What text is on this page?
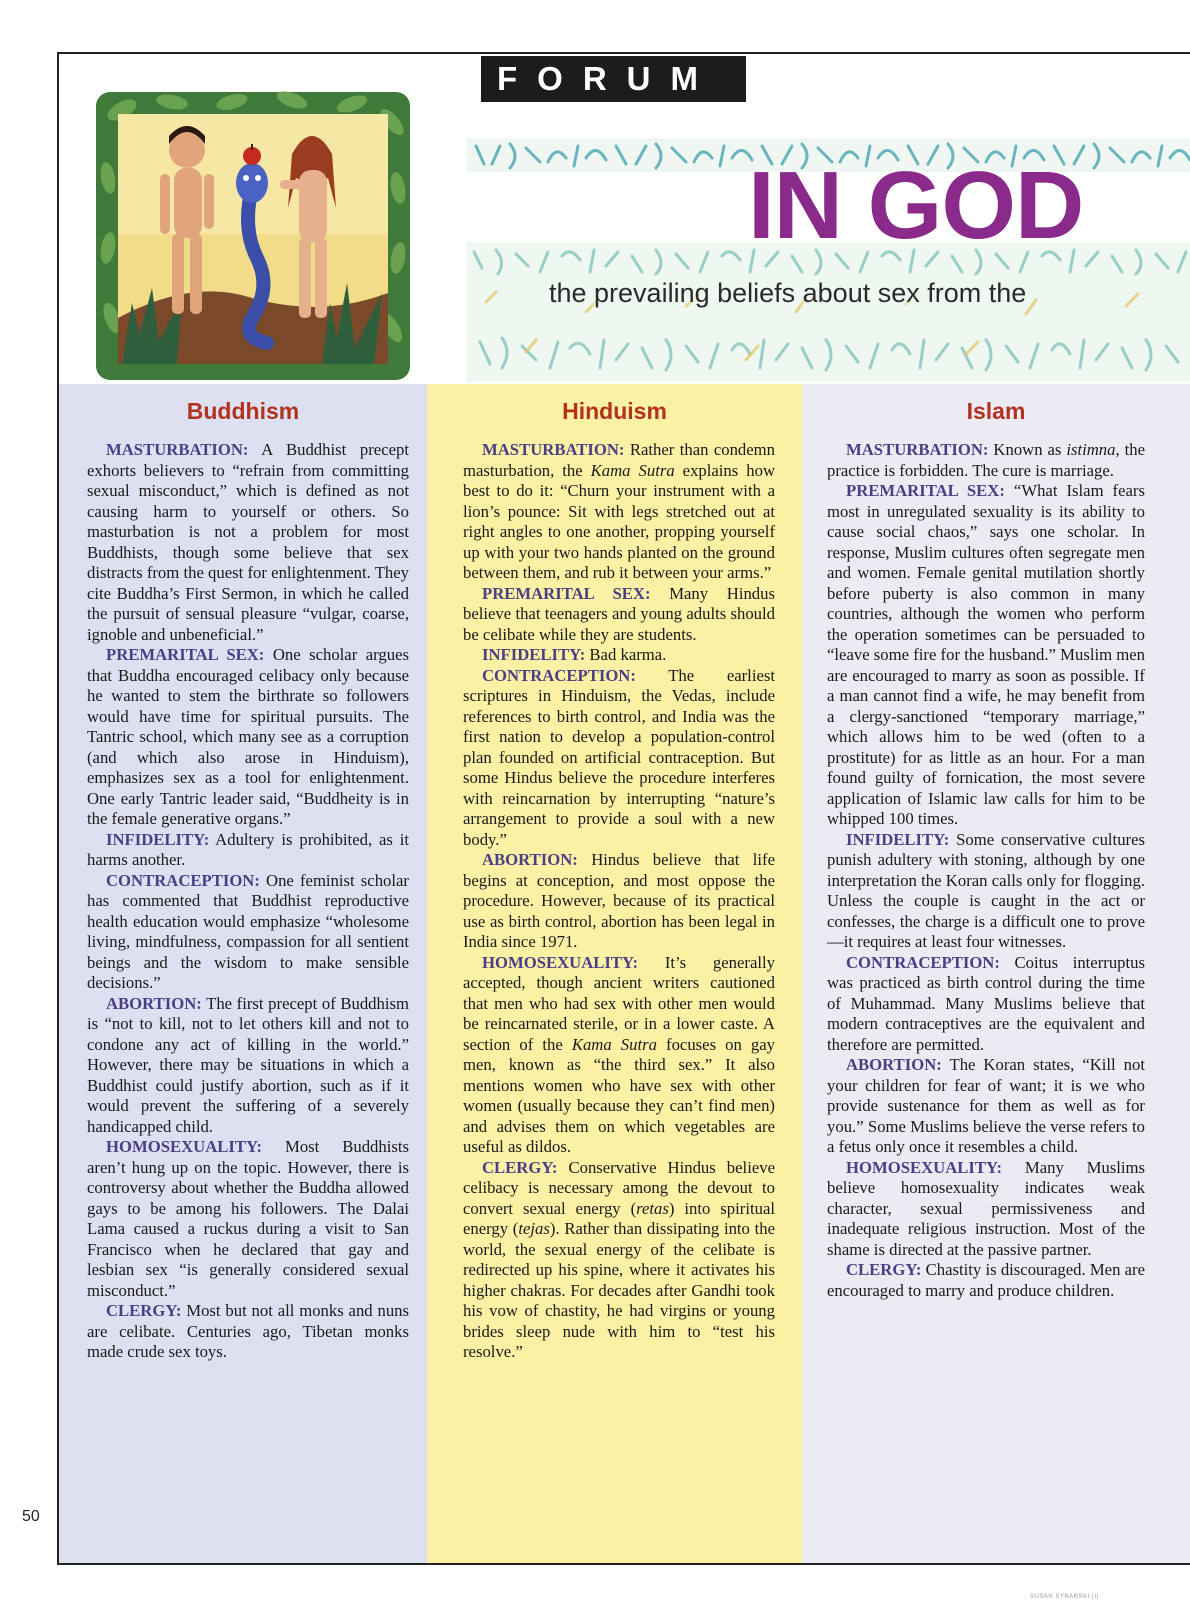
FORUM
IN GOD
the prevailing beliefs about sex from the
Buddhism

MASTURBATION: A Buddhist precept exhorts believers to “refrain from committing sexual misconduct,” which is defined as not causing harm to yourself or others. So masturbation is not a problem for most Buddhists, though some believe that sex distracts from the quest for enlightenment. They cite Buddha’s First Sermon, in which he called the pursuit of sensual pleasure “vulgar, coarse, ignoble and unbeneficial.”

PREMARITAL SEX: One scholar argues that Buddha encouraged celibacy only because he wanted to stem the birthrate so followers would have time for spiritual pursuits. The Tantric school, which many see as a corruption (and which also arose in Hinduism), emphasizes sex as a tool for enlightenment. One early Tantric leader said, “Buddheity is in the female generative organs.”

INFIDELITY: Adultery is prohibited, as it harms another.

CONTRACEPTION: One feminist scholar has commented that Buddhist reproductive health education would emphasize “wholesome living, mindfulness, compassion for all sentient beings and the wisdom to make sensible decisions.”

ABORTION: The first precept of Buddhism is “not to kill, not to let others kill and not to condone any act of killing in the world.” However, there may be situations in which a Buddhist could justify abortion, such as if it would prevent the suffering of a severely handicapped child.

HOMOSEXUALITY: Most Buddhists aren’t hung up on the topic. However, there is controversy about whether the Buddha allowed gays to be among his followers. The Dalai Lama caused a ruckus during a visit to San Francisco when he declared that gay and lesbian sex “is generally considered sexual misconduct.”

CLERGY: Most but not all monks and nuns are celibate. Centuries ago, Tibetan monks made crude sex toys.

Hinduism

MASTURBATION: Rather than condemn masturbation, the Kama Sutra explains how best to do it: “Churn your instrument with a lion’s pounce: Sit with legs stretched out at right angles to one another, propping yourself up with your two hands planted on the ground between them, and rub it between your arms.”

PREMARITAL SEX: Many Hindus believe that teenagers and young adults should be celibate while they are students.

INFIDELITY: Bad karma.

CONTRACEPTION: The earliest scriptures in Hinduism, the Vedas, include references to birth control, and India was the first nation to develop a population-control plan founded on artificial contraception. But some Hindus believe the procedure interferes with reincarnation by interrupting “nature’s arrangement to provide a soul with a new body.”

ABORTION: Hindus believe that life begins at conception, and most oppose the procedure. However, because of its practical use as birth control, abortion has been legal in India since 1971.

HOMOSEXUALITY: It’s generally accepted, though ancient writers cautioned that men who had sex with other men would be reincarnated sterile, or in a lower caste. A section of the Kama Sutra focuses on gay men, known as “the third sex.” It also mentions women who have sex with other women (usually because they can’t find men) and advises them on which vegetables are useful as dildos.

CLERGY: Conservative Hindus believe celibacy is necessary among the devout to convert sexual energy (retas) into spiritual energy (tejas). Rather than dissipating into the world, the sexual energy of the celibate is redirected up his spine, where it activates his higher chakras. For decades after Gandhi took his vow of chastity, he had virgins or young brides sleep nude with him to “test his resolve.”

Islam

MASTURBATION: Known as istimna, the practice is forbidden. The cure is marriage.

PREMARITAL SEX: “What Islam fears most in unregulated sexuality is its ability to cause social chaos,” says one scholar. In response, Muslim cultures often segregate men and women. Female genital mutilation shortly before puberty is also common in many countries, although the women who perform the operation sometimes can be persuaded to “leave some fire for the husband.” Muslim men are encouraged to marry as soon as possible. If a man cannot find a wife, he may benefit from a clergy-sanctioned “temporary marriage,” which allows him to be wed (often to a prostitute) for as little as an hour. For a man found guilty of fornication, the most severe application of Islamic law calls for him to be whipped 100 times.

INFIDELITY: Some conservative cultures punish adultery with stoning, although by one interpretation the Koran calls only for flogging. Unless the couple is caught in the act or confesses, the charge is a difficult one to prove—it requires at least four witnesses.

CONTRACEPTION: Coitus interruptus was practiced as birth control during the time of Muhammad. Many Muslims believe that modern contraceptives are the equivalent and therefore are permitted.

ABORTION: The Koran states, “Kill not your children for fear of want; it is we who provide sustenance for them as well as for you.” Some Muslims believe the verse refers to a fetus only once it resembles a child.

HOMOSEXUALITY: Many Muslims believe homosexuality indicates weak character, sexual permissiveness and inadequate religious instruction. Most of the shame is directed at the passive partner.

CLERGY: Chastity is discouraged. Men are encouraged to marry and produce children.

50
SUSAN SYNARSKI (I)
